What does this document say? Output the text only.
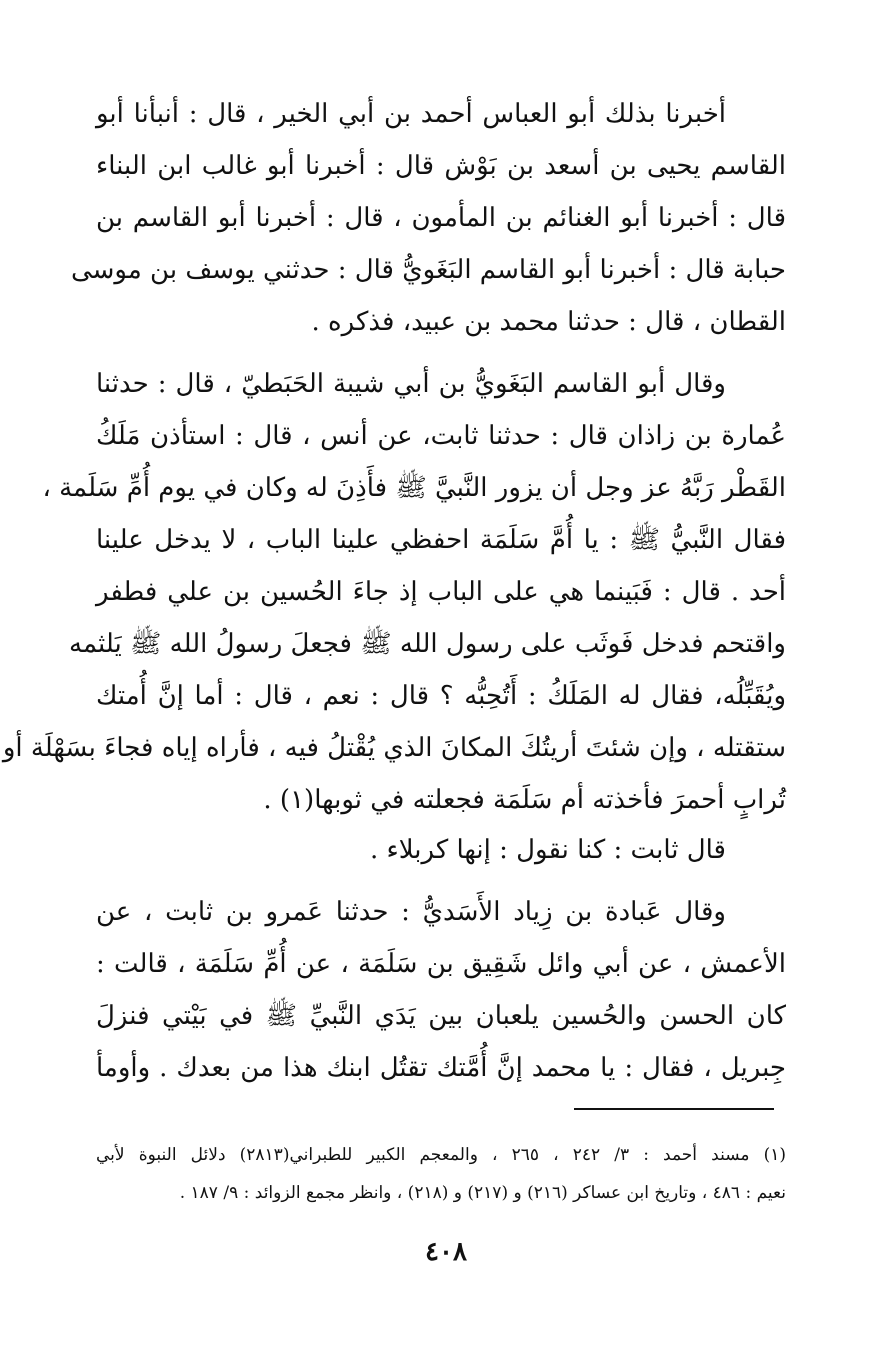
أخبرنا بذلك أبو العباس أحمد بن أبي الخير ، قال : أنبأنا أبو
القاسم يحيى بن أسعد بن بَوْش قال : أخبرنا أبو غالب ابن البناء
قال : أخبرنا أبو الغنائم بن المأمون ، قال : أخبرنا أبو القاسم بن
حبابة قال : أخبرنا أبو القاسم البَغَويُّ قال : حدثني يوسف بن موسى
القطان ، قال : حدثنا محمد بن عبيد، فذكره .
وقال أبو القاسم البَغَويُّ بن أبي شيبة الحَبَطيّ ، قال : حدثنا
عُمارة بن زاذان قال : حدثنا ثابت، عن أنس ، قال : استأذن مَلَكُ
القَطْر رَبَّهُ عز وجل أن يزور النَّبيَّ ﷺ فأَذِنَ له وكان في يوم أُمِّ سَلَمة ،
فقال النَّبيُّ ﷺ : يا أُمَّ سَلَمَة احفظي علينا الباب ، لا يدخل علينا
أحد . قال : فَبَينما هي على الباب إذ جاءَ الحُسين بن علي فطفر
واقتحم فدخل فَوثَب على رسول الله ﷺ فجعلَ رسولُ الله ﷺ يَلثمه
ويُقَبِّلُه، فقال له المَلَكُ : أَتُحِبُّه ؟ قال : نعم ، قال : أما إنَّ أُمتك
ستقتله ، وإن شئتَ أريتُكَ المكانَ الذي يُقْتلُ فيه ، فأراه إياه فجاءَ بسَهْلَة أو
تُرابٍ أحمرَ فأخذته أم سَلَمَة فجعلته في ثوبها(١) .
قال ثابت : كنا نقول : إنها كربلاء .
وقال عَبادة بن زِياد الأَسَديُّ : حدثنا عَمرو بن ثابت ، عن
الأعمش ، عن أبي وائل شَقِيق بن سَلَمَة ، عن أُمِّ سَلَمَة ، قالت :
كان الحسن والحُسين يلعبان بين يَدَي النَّبيِّ ﷺ في بَيْتي فنزلَ
جِبريل ، فقال : يا محمد إنَّ أُمَّتك تقتُل ابنك هذا من بعدك . وأومأ
(١) مسند أحمد : ٣/ ٢٤٢ ، ٢٦٥ ، والمعجم الكبير للطبراني(٢٨١٣) دلائل النبوة لأبي
نعيم : ٤٨٦ ، وتاريخ ابن عساكر (٢١٦) و (٢١٧) و (٢١٨) ، وانظر مجمع الزوائد : ٩/ ١٨٧ .
٤٠٨
